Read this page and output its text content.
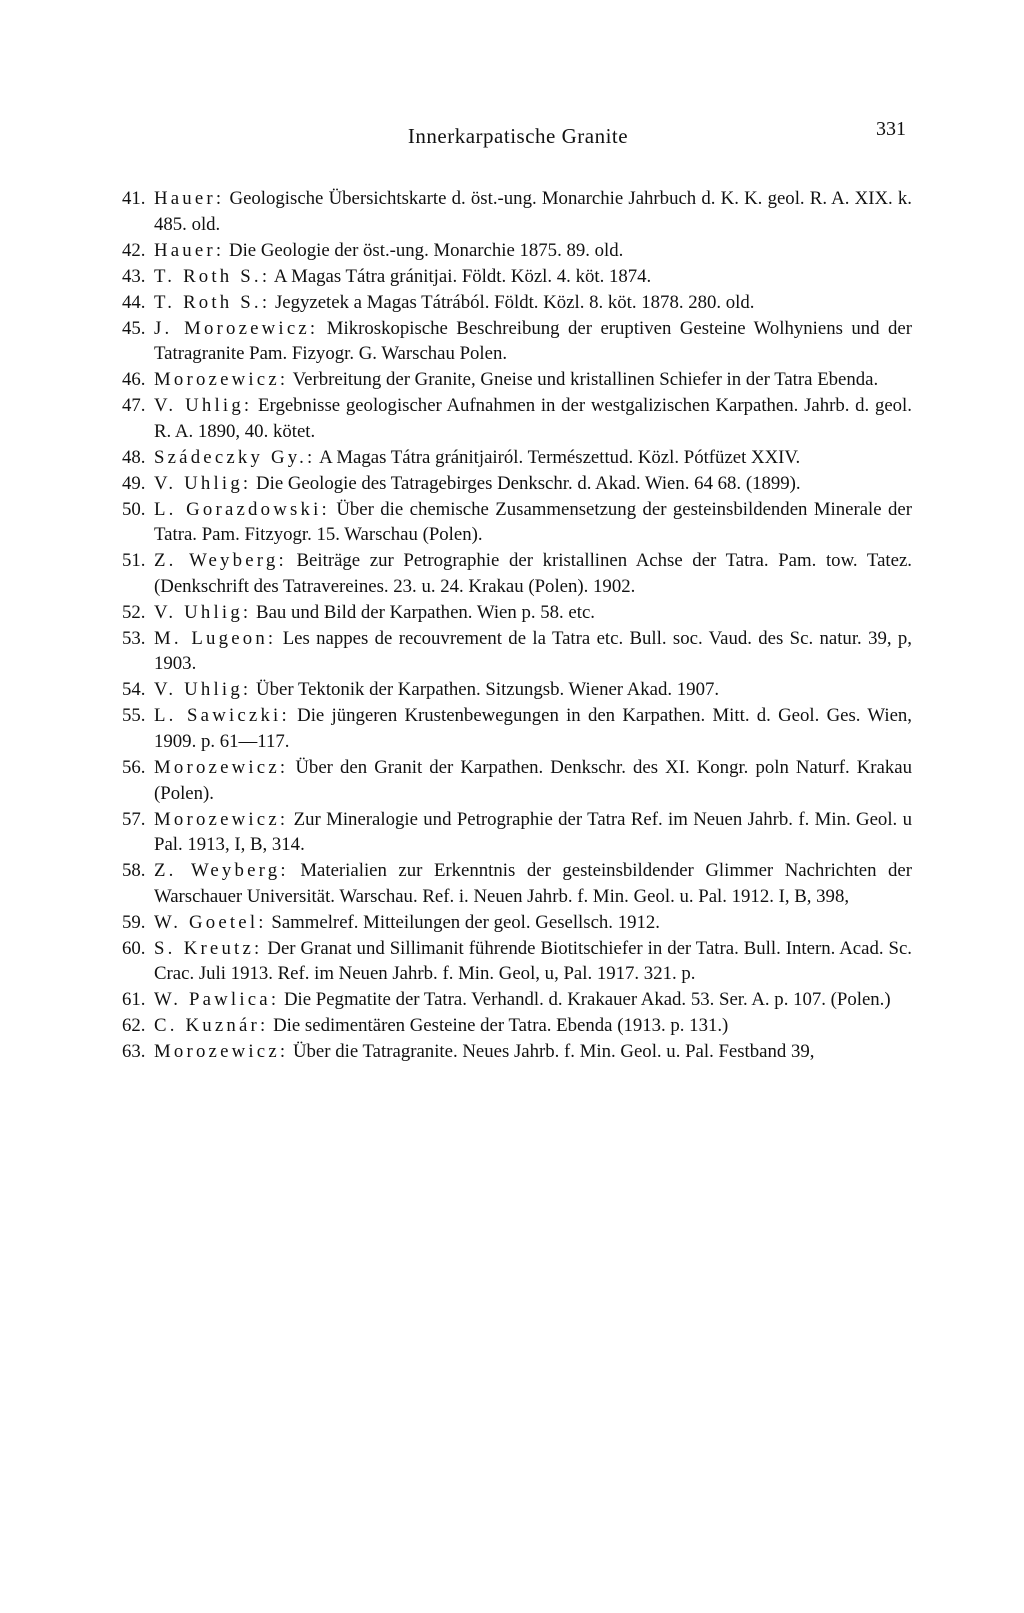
Innerkarpatische Granite	331
41. Hauer: Geologische Übersichtskarte d. öst.-ung. Monarchie Jahrbuch d. K. K. geol. R. A. XIX. k. 485. old.
42. Hauer: Die Geologie der öst.-ung. Monarchie 1875. 89. old.
43. T. Roth S.: A Magas Tátra gránitjai. Földt. Közl. 4. köt. 1874.
44. T. Roth S.: Jegyzetek a Magas Tátrából. Földt. Közl. 8. köt. 1878. 280. old.
45. J. Morozewicz: Mikroskopische Beschreibung der eruptiven Gesteine Wolhyniens und der Tatragranite Pam. Fizyogr. G. Warschau Polen.
46. Morozewicz: Verbreitung der Granite, Gneise und kristallinen Schiefer in der Tatra Ebenda.
47. V. Uhlig: Ergebnisse geologischer Aufnahmen in der westgalizischen Karpathen. Jahrb. d. geol. R. A. 1890, 40. kötet.
48. Szádeczky Gy.: A Magas Tátra gránitjairól. Természettud. Közl. Pótfüzet XXIV.
49. V. Uhlig: Die Geologie des Tatragebirges Denkschr. d. Akad. Wien. 64 68. (1899).
50. L. Gorazdowski: Über die chemische Zusammensetzung der gesteinsbildenden Minerale der Tatra. Pam. Fitzyogr. 15. Warschau (Polen).
51. Z. Weyberg: Beiträge zur Petrographie der kristallinen Achse der Tatra. Pam. tow. Tatez. (Denkschrift des Tatravereines. 23. u. 24. Krakau (Polen). 1902.
52. V. Uhlig: Bau und Bild der Karpathen. Wien p. 58. etc.
53. M. Lugeon: Les nappes de recouvrement de la Tatra etc. Bull. soc. Vaud. des Sc. natur. 39, p, 1903.
54. V. Uhlig: Über Tektonik der Karpathen. Sitzungsb. Wiener Akad. 1907.
55. L. Sawiczki: Die jüngeren Krustenbewegungen in den Karpathen. Mitt. d. Geol. Ges. Wien, 1909. p. 61—117.
56. Morozewicz: Über den Granit der Karpathen. Denkschr. des XI. Kongr. poln Naturf. Krakau (Polen).
57. Morozewicz: Zur Mineralogie und Petrographie der Tatra Ref. im Neuen Jahrb. f. Min. Geol. u Pal. 1913, I, B, 314.
58. Z. Weyberg: Materialien zur Erkenntnis der gesteinsbildender Glimmer Nachrichten der Warschauer Universität. Warschau. Ref. i. Neuen Jahrb. f. Min. Geol. u. Pal. 1912. I, B, 398,
59. W. Goetel: Sammelref. Mitteilungen der geol. Gesellsch. 1912.
60. S. Kreutz: Der Granat und Sillimanit führende Biotitschiefer in der Tatra. Bull. Intern. Acad. Sc. Crac. Juli 1913. Ref. im Neuen Jahrb. f. Min. Geol, u, Pal. 1917. 321. p.
61. W. Pawlica: Die Pegmatite der Tatra. Verhandl. d. Krakauer Akad. 53. Ser. A. p. 107. (Polen.)
62. C. Kuznár: Die sedimentären Gesteine der Tatra. Ebenda (1913. p. 131.)
63. Morozewicz: Über die Tatragranite. Neues Jahrb. f. Min. Geol. u. Pal. Festband 39,
